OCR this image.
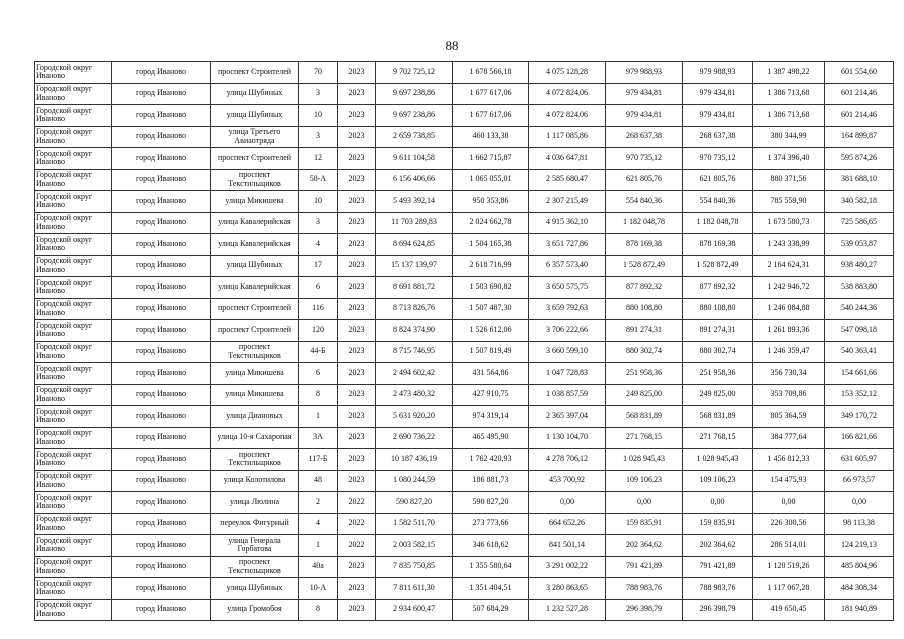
88
Городской округ Иваново	город Иваново	проспект Строителей	70	2023	9 702 725,12	1 678 566,18	4 075 128,28	979 988,93	979 988,93	1 387 498,22	601 554,60
Городской округ Иваново	город Иваново	улица Шубиных	3	2023	9 697 238,86	1 677 617,06	4 072 824,06	979 434,81	979 434,81	1 386 713,68	601 214,46
Городской округ Иваново	город Иваново	улица Шубиных	10	2023	9 697 238,86	1 677 617,06	4 072 824,06	979 434,81	979 434,81	1 386 713,68	601 214,46
Городской округ Иваново	город Иваново	улица Третьего Авиаотряда	3	2023	2 659 738,85	460 133,38	1 117 085,86	268 637,38	268 637,38	380 344,99	164 899,87
Городской округ Иваново	город Иваново	проспект Строителей	12	2023	9 611 104,58	1 662 715,87	4 036 647,81	970 735,12	970 735,12	1 374 396,40	595 874,26
Городской округ Иваново	город Иваново	проспект Текстильщиков	58-А	2023	6 156 406,66	1 065 055,01	2 585 680,47	621 805,76	621 805,76	880 371,56	381 688,10
Городской округ Иваново	город Иваново	улица Микишева	10	2023	5 493 392,14	950 353,86	2 307 215,49	554 840,36	554 840,36	785 559,90	340 582,18
Городской округ Иваново	город Иваново	улица Кавалерийская	3	2023	11 703 289,83	2 024 662,78	4 915 362,10	1 182 048,78	1 182 048,78	1 673 580,73	725 586,65
Городской округ Иваново	город Иваново	улица Кавалерийская	4	2023	8 694 624,85	1 504 165,38	3 651 727,86	878 169,38	878 169,38	1 243 338,99	539 053,87
Городской округ Иваново	город Иваново	улица Шубиных	17	2023	15 137 139,97	2 618 716,99	6 357 573,40	1 528 872,49	1 528 872,49	2 164 624,31	938 480,27
Городской округ Иваново	город Иваново	улица Кавалерийская	6	2023	8 691 881,72	1 503 690,82	3 650 575,75	877 892,32	877 892,32	1 242 946,72	538 883,80
Городской округ Иваново	город Иваново	проспект Строителей	116	2023	8 713 826,76	1 507 487,30	3 659 792,63	880 108,80	880 108,80	1 246 084,88	540 244,36
Городской округ Иваново	город Иваново	проспект Строителей	120	2023	8 824 374,90	1 526 612,06	3 706 222,66	891 274,31	891 274,31	1 261 893,36	547 098,18
Городской округ Иваново	город Иваново	проспект Текстильщиков	44-Б	2023	8 715 746,95	1 507 819,49	3 660 599,10	880 302,74	880 302,74	1 246 359,47	540 363,41
Городской округ Иваново	город Иваново	улица Микишева	6	2023	2 494 602,42	431 564,86	1 047 728,83	251 958,36	251 958,36	356 730,34	154 661,66
Городской округ Иваново	город Иваново	улица Микишева	8	2023	2 473 480,32	427 910,75	1 038 857,59	249 825,00	249 825,00	353 709,86	153 352,12
Городской округ Иваново	город Иваново	улица Диановых	1	2023	5 631 920,20	974 319,14	2 365 397,04	568 831,89	568 831,89	805 364,59	349 170,72
Городской округ Иваново	город Иваново	улица 10-я Сахаропая	3А	2023	2 690 736,22	465 495,90	1 130 104,70	271 768,15	271 768,15	384 777,64	166 821,66
Городской округ Иваново	город Иваново	проспект Текстильщиков	117-Б	2023	10 187 436,19	1 762 420,93	4 278 706,12	1 028 945,43	1 028 945,43	1 456 812,33	631 605,97
Городской округ Иваново	город Иваново	улица Колотилова	48	2023	1 080 244,59	186 881,73	453 700,92	109 106,23	109 106,23	154 475,93	66 973,57
Городской округ Иваново	город Иваново	улица Люлина	2	2022	590 827,20	590 827,20	0,00	0,00	0,00	0,00	0,00
Городской округ Иваново	город Иваново	переулок Фигурный	4	2022	1 582 511,70	273 773,66	664 652,26	159 835,91	159 835,91	226 300,56	98 113,38
Городской округ Иваново	город Иваново	улица Генерала Горбатова	1	2022	2 003 582,15	346 618,62	841 501,14	202 364,62	202 364,62	286 514,01	124 219,13
Городской округ Иваново	город Иваново	проспект Текстильщиков	40а	2023	7 835 750,85	1 355 580,64	3 291 002,22	791 421,89	791 421,89	1 120 519,26	485 804,96
Городской округ Иваново	город Иваново	улица Шубиных	10-А	2023	7 811 611,30	1 351 404,51	3 280 863,65	788 983,76	788 983,76	1 117 067,28	484 308,34
Городской округ Иваново	город Иваново	улица Громобоя	8	2023	2 934 600,47	507 684,29	1 232 527,28	296 398,79	296 398,79	419 650,45	181 940,89
